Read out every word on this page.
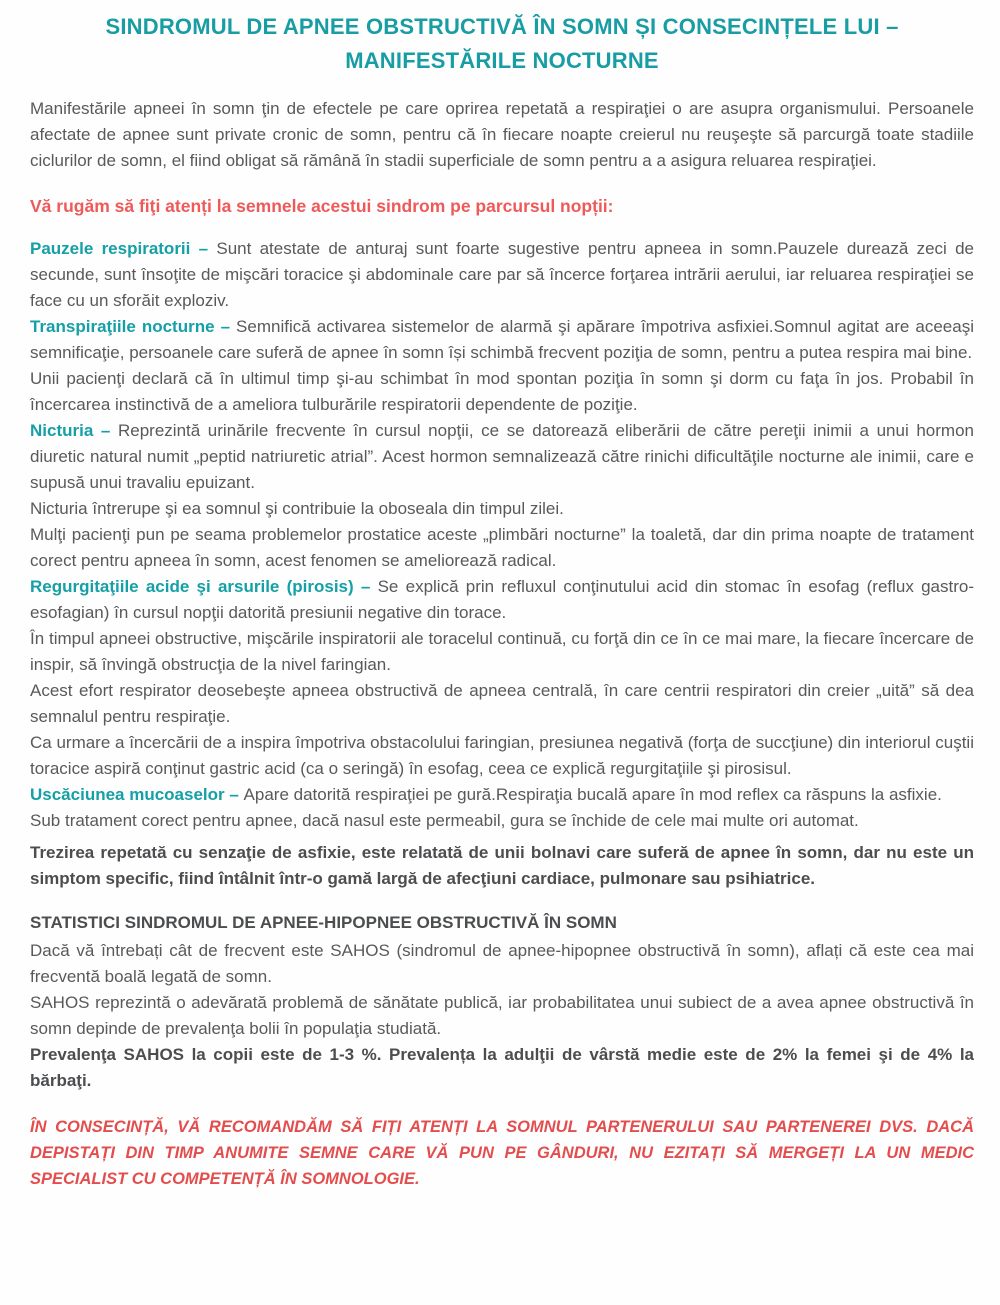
SINDROMUL DE APNEE OBSTRUCTIVĂ ÎN SOMN ȘI CONSECINȚELE LUI –
MANIFESTĂRILE NOCTURNE

Manifestările apneei în somn ţin de efectele pe care oprirea repetată a respiraţiei o are asupra organismului. Persoanele afectate de apnee sunt private cronic de somn, pentru că în fiecare noapte creierul nu reuşeşte să parcurgă toate stadiile ciclurilor de somn, el fiind obligat să rămână în stadii superficiale de somn pentru a a asigura reluarea respiraţiei.

Vă rugăm să fiţi atenți la semnele acestui sindrom pe parcursul nopții:

Pauzele respiratorii – Sunt atestate de anturaj sunt foarte sugestive pentru apneea in somn.Pauzele durează zeci de secunde, sunt însoţite de mişcări toracice şi abdominale care par să încerce forţarea intrării aerului, iar reluarea respiraţiei se face cu un sforăit exploziv.

Transpiraţiile nocturne – Semnifică activarea sistemelor de alarmă şi apărare împotriva asfixiei.Somnul agitat are aceeaşi semnificaţie, persoanele care suferă de apnee în somn își schimbă frecvent poziţia de somn, pentru a putea respira mai bine.

Unii pacienţi declară că în ultimul timp şi-au schimbat în mod spontan poziţia în somn şi dorm cu faţa în jos. Probabil în încercarea instinctivă de a ameliora tulburările respiratorii dependente de poziţie.

Nicturia – Reprezintă urinările frecvente în cursul nopţii, ce se datorează eliberării de către pereţii inimii a unui hormon diuretic natural numit „peptid natriuretic atrial”. Acest hormon semnalizează către rinichi dificultăţile nocturne ale inimii, care e supusă unui travaliu epuizant.

Nicturia întrerupe şi ea somnul şi contribuie la oboseala din timpul zilei.

Mulţi pacienţi pun pe seama problemelor prostatice aceste „plimbări nocturne” la toaletă, dar din prima noapte de tratament corect pentru apneea în somn, acest fenomen se ameliorează radical.

Regurgitaţiile acide şi arsurile (pirosis) – Se explică prin refluxul conţinutului acid din stomac în esofag (reflux gastro-esofagian) în cursul nopţii datorită presiunii negative din torace.

În timpul apneei obstructive, mişcările inspiratorii ale toracelul continuă, cu forţă din ce în ce mai mare, la fiecare încercare de inspir, să învingă obstrucţia de la nivel faringian.

Acest efort respirator deosebeşte apneea obstructivă de apneea centrală, în care centrii respiratori din creier „uită” să dea semnalul pentru respiraţie.

Ca urmare a încercării de a inspira împotriva obstacolului faringian, presiunea negativă (forţa de succţiune) din interiorul cuştii toracice aspiră conţinut gastric acid (ca o seringă) în esofag, ceea ce explică regurgitaţiile şi pirosisul.

Uscăciunea mucoaselor – Apare datorită respiraţiei pe gură.Respiraţia bucală apare în mod reflex ca răspuns la asfixie.

Sub tratament corect pentru apnee, dacă nasul este permeabil, gura se închide de cele mai multe ori automat.

Trezirea repetată cu senzaţie de asfixie, este relatată de unii bolnavi care suferă de apnee în somn, dar nu este un simptom specific, fiind întâlnit într-o gamă largă de afecţiuni cardiace, pulmonare sau psihiatrice.

STATISTICI SINDROMUL DE APNEE-HIPOPNEE OBSTRUCTIVĂ ÎN SOMN

Dacă vă întrebați cât de frecvent este SAHOS (sindromul de apnee-hipopnee obstructivă în somn), aflați că este cea mai frecventă boală legată de somn.

SAHOS reprezintă o adevărată problemă de sănătate publică, iar probabilitatea unui subiect de a avea apnee obstructivă în somn depinde de prevalenţa bolii în populaţia studiată.

Prevalenţa SAHOS la copii este de 1-3 %. Prevalența la adulţii de vârstă medie este de 2% la femei şi de 4% la bărbaţi.

ÎN CONSECINȚĂ, VĂ RECOMANDĂM SĂ FIȚI ATENȚI LA SOMNUL PARTENERULUI SAU PARTENEREI DVS. DACĂ DEPISTAȚI DIN TIMP ANUMITE SEMNE CARE VĂ PUN PE GÂNDURI, NU EZITAȚI SĂ MERGEȚI LA UN MEDIC SPECIALIST CU COMPETENȚĂ ÎN SOMNOLOGIE.
